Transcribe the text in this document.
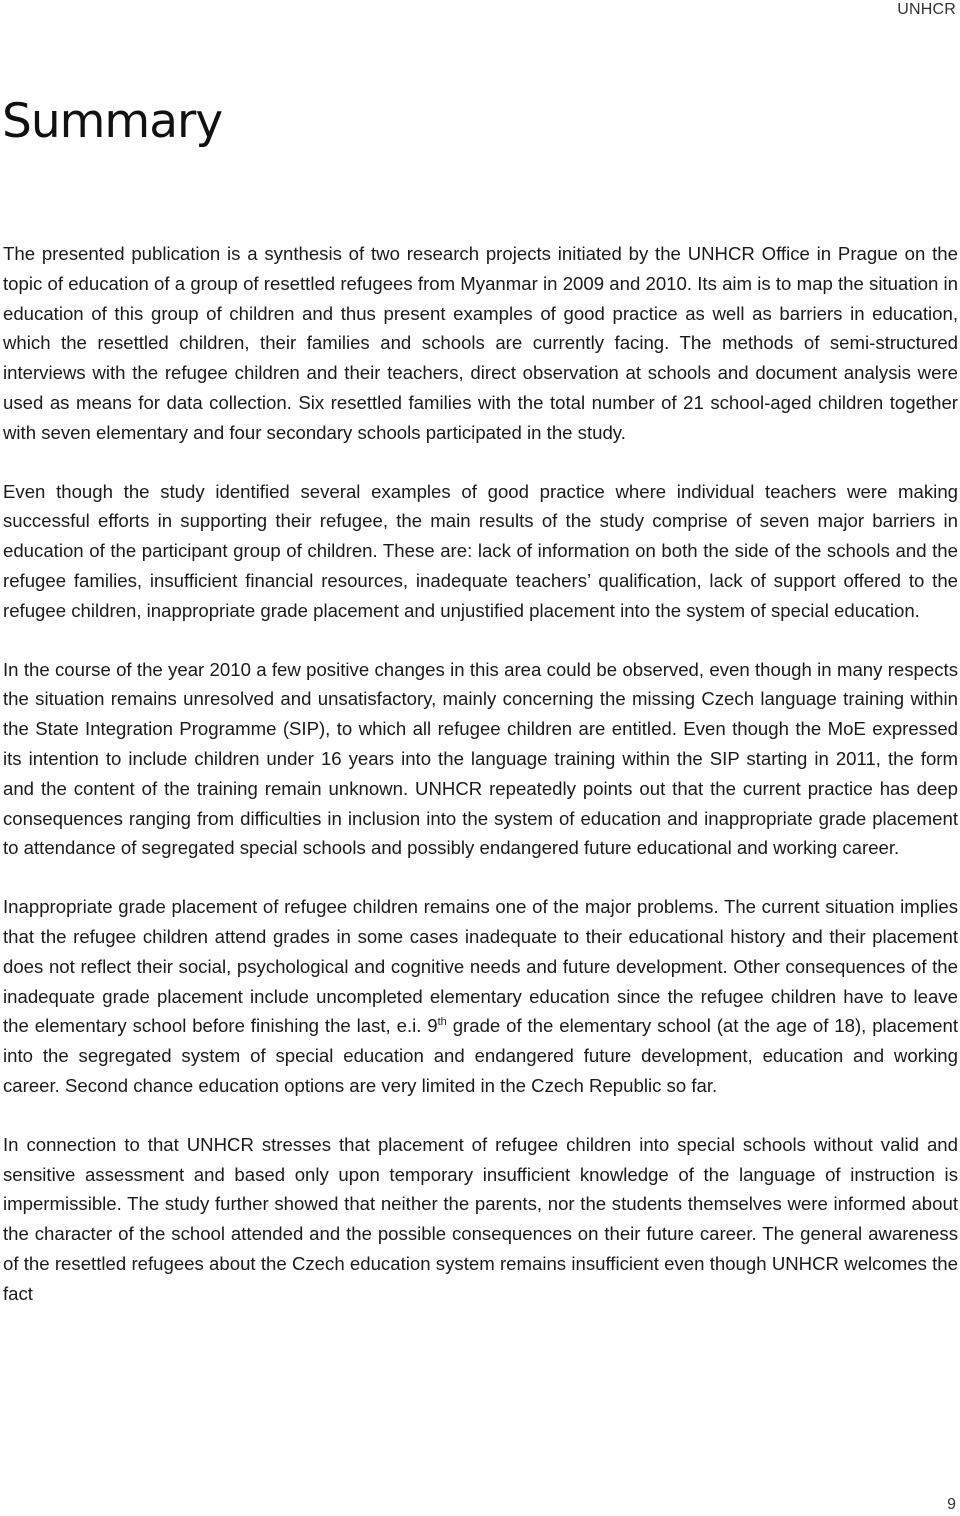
UNHCR
Summary

The presented publication is a synthesis of two research projects initiated by the UNHCR Office in Prague on the topic of education of a group of resettled refugees from Myanmar in 2009 and 2010. Its aim is to map the situation in education of this group of children and thus present examples of good practice as well as barriers in education, which the resettled children, their families and schools are currently facing. The methods of semi-structured interviews with the refugee children and their teachers, direct observation at schools and document analysis were used as means for data collection. Six resettled families with the total number of 21 school-aged children together with seven elementary and four secondary schools participated in the study.

Even though the study identified several examples of good practice where individual teachers were making successful efforts in supporting their refugee, the main results of the study comprise of seven major barriers in education of the participant group of children. These are: lack of information on both the side of the schools and the refugee families, insufficient financial resources, inadequate teachers’ qualification, lack of support offered to the refugee children, inappropriate grade placement and unjustified placement into the system of special education.

In the course of the year 2010 a few positive changes in this area could be observed, even though in many respects the situation remains unresolved and unsatisfactory, mainly concerning the missing Czech language training within the State Integration Programme (SIP), to which all refugee children are entitled. Even though the MoE expressed its intention to include children under 16 years into the language training within the SIP starting in 2011, the form and the content of the training remain unknown. UNHCR repeatedly points out that the current practice has deep consequences ranging from difficulties in inclusion into the system of education and inappropriate grade placement to attendance of segregated special schools and possibly endangered future educational and working career.

Inappropriate grade placement of refugee children remains one of the major problems. The current situation implies that the refugee children attend grades in some cases inadequate to their educational history and their placement does not reflect their social, psychological and cognitive needs and future development. Other consequences of the inadequate grade placement include uncompleted elementary education since the refugee children have to leave the elementary school before finishing the last, e.i. 9th grade of the elementary school (at the age of 18), placement into the segregated system of special education and endangered future development, education and working career. Second chance education options are very limited in the Czech Republic so far.

In connection to that UNHCR stresses that placement of refugee children into special schools without valid and sensitive assessment and based only upon temporary insufficient knowledge of the language of instruction is impermissible. The study further showed that neither the parents, nor the students themselves were informed about the character of the school attended and the possible consequences on their future career. The general awareness of the resettled refugees about the Czech education system remains insufficient even though UNHCR welcomes the fact

9
